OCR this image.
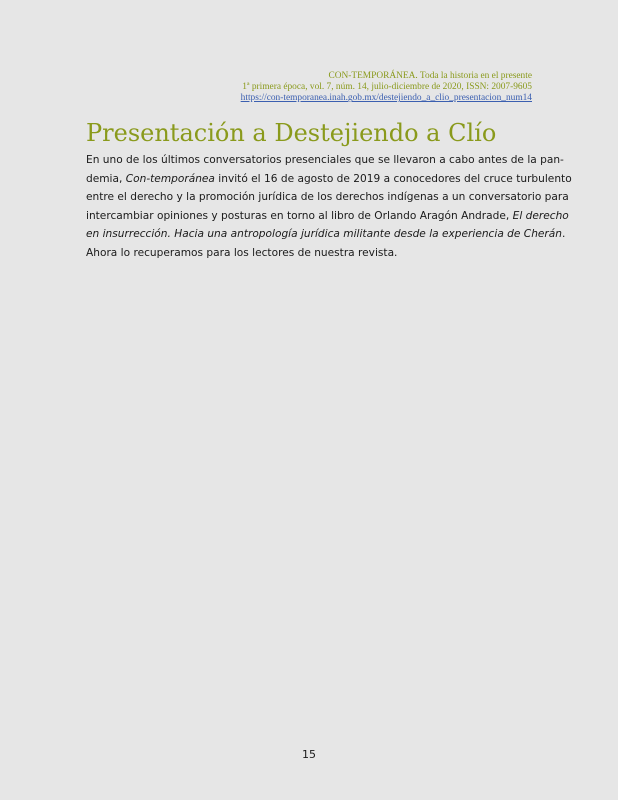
CON-TEMPORÁNEA. Toda la historia en el presente
1ª primera época, vol. 7, núm. 14, julio-diciembre de 2020, ISSN: 2007-9605
https://con-temporanea.inah.gob.mx/destejiendo_a_clio_presentacion_num14
Presentación a Destejiendo a Clío
En uno de los últimos conversatorios presenciales que se llevaron a cabo antes de la pan-
demia, Con-temporánea invitó el 16 de agosto de 2019 a conocedores del cruce turbulento
entre el derecho y la promoción jurídica de los derechos indígenas a un conversatorio para
intercambiar opiniones y posturas en torno al libro de Orlando Aragón Andrade, El derecho
en insurrección. Hacia una antropología jurídica militante desde la experiencia de Cherán.
Ahora lo recuperamos para los lectores de nuestra revista.
15
